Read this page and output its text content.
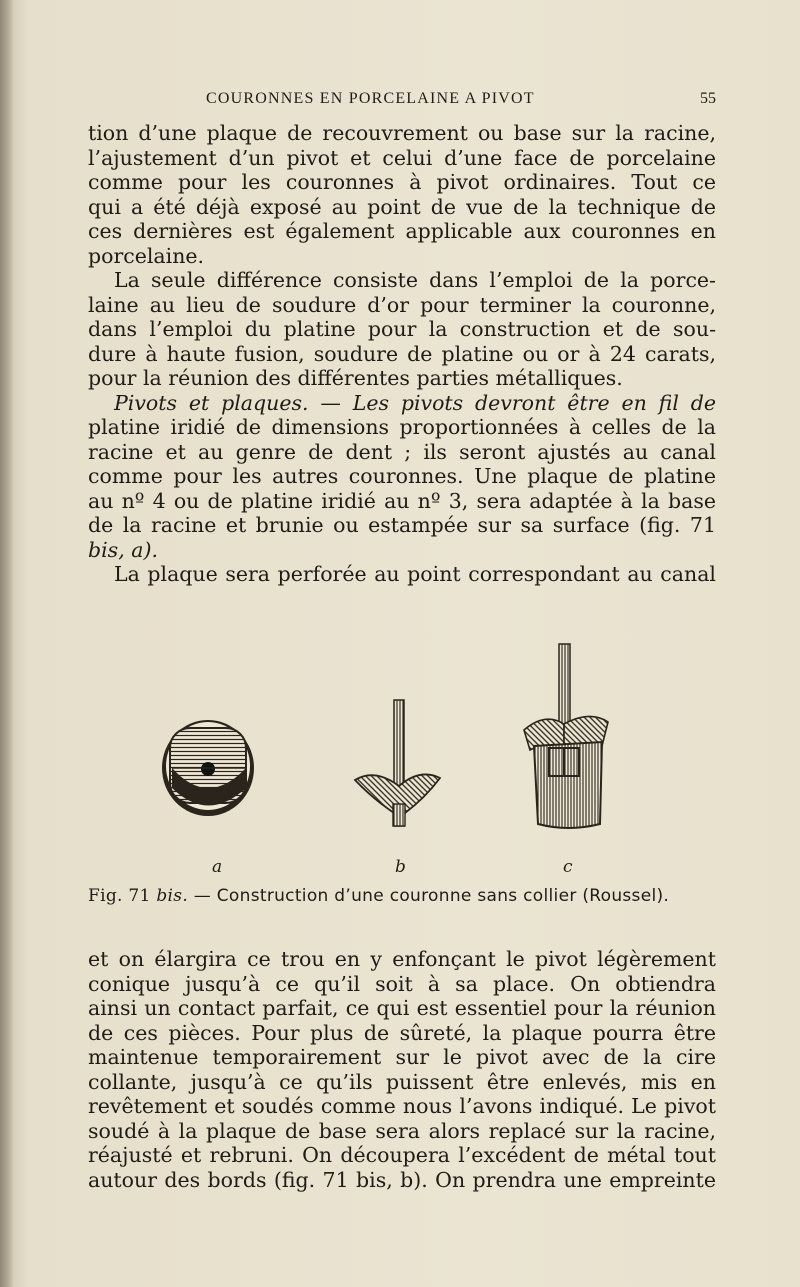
COURONNES EN PORCELAINE A PIVOT	55
tion d’une plaque de recouvrement ou base sur la racine,
l’ajustement d’un pivot et celui d’une face de porcelaine
comme pour les couronnes à pivot ordinaires. Tout ce
qui a été déjà exposé au point de vue de la technique de
ces dernières est également applicable aux couronnes en
porcelaine.
La seule différence consiste dans l’emploi de la porce-
laine au lieu de soudure d’or pour terminer la couronne,
dans l’emploi du platine pour la construction et de sou-
dure à haute fusion, soudure de platine ou or à 24 carats,
pour la réunion des différentes parties métalliques.
Pivots et plaques. — Les pivots devront être en fil de
platine iridié de dimensions proportionnées à celles de la
racine et au genre de dent ; ils seront ajustés au canal
comme pour les autres couronnes. Une plaque de platine
au nº 4 ou de platine iridié au nº 3, sera adaptée à la base
de la racine et brunie ou estampée sur sa surface (fig. 71
bis, a).
La plaque sera perforée au point correspondant au canal
a	b	c
Fig. 71 bis. — Construction d’une couronne sans collier (Roussel).
et on élargira ce trou en y enfonçant le pivot légèrement
conique jusqu’à ce qu’il soit à sa place. On obtiendra
ainsi un contact parfait, ce qui est essentiel pour la réunion
de ces pièces. Pour plus de sûreté, la plaque pourra être
maintenue temporairement sur le pivot avec de la cire
collante, jusqu’à ce qu’ils puissent être enlevés, mis en
revêtement et soudés comme nous l’avons indiqué. Le pivot
soudé à la plaque de base sera alors replacé sur la racine,
réajusté et rebruni. On découpera l’excédent de métal tout
autour des bords (fig. 71 bis, b). On prendra une empreinte
